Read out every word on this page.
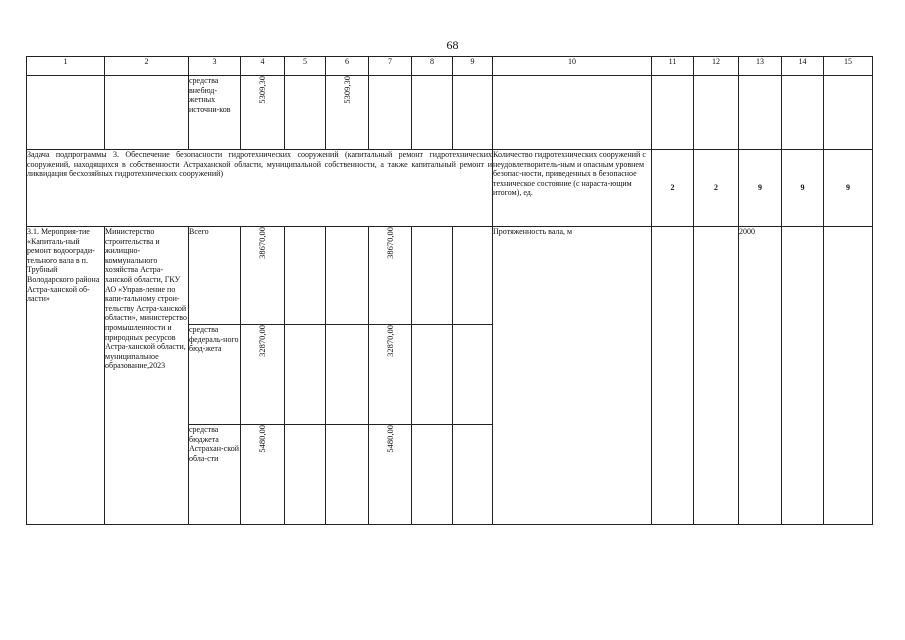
68
1	2	3	4	5	6	7	8	9	10	11	12	13	14	15
		средства внебюд-жетных источни-ков	5309,30		5309,30									

Задача подпрограммы 3. Обеспечение безопасности гидротехнических сооружений (капитальный ремонт гидротехнических сооружений, находящихся в собственности Астраханской области, муниципальной собственности, а также капитальный ремонт и ликвидация бесхозяйных гидротехнических сооружений)									Количество гидротехнических сооружений с неудовлетворитель-ным и опасным уровнем безопас-ности, приведенных в безопасное техническое состояние (с нараста-ющим итогом), ед.	2	2	9	9	9
3.1. Мероприя-тие «Капиталь-ный ремонт водоогради-тельного вала в п. Трубный Володарского района Астра-ханской об-ласти»	Министерство строительства и жилищно-коммунального хозяйства Астра-ханской области, ГКУ АО «Управ-ление по капи-тальному строи-тельству Астра-ханской области», министерство промышленности и природных ресурсов Астра-ханской области, муниципальное образование,2023	Всего	38670,00			38670,00			Протяженность вала, м			2000		
		средства федераль-ного бюд-жета	32870,00			32870,00								

		средства бюджета Астрахан-ской обла-сти	5480,00			5480,00								
